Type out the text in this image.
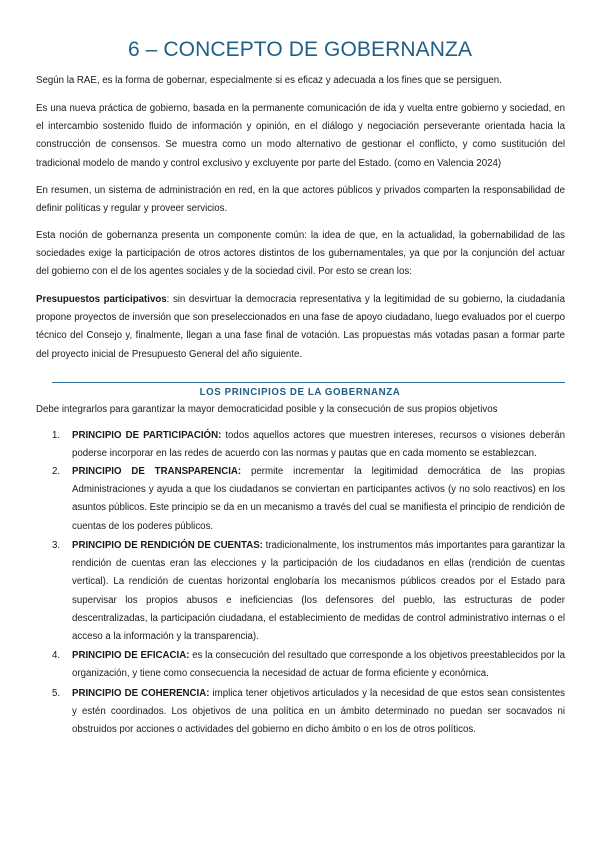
6 – CONCEPTO DE GOBERNANZA

Según la RAE, es la forma de gobernar, especialmente si es eficaz y adecuada a los fines que se persiguen.

Es una nueva práctica de gobierno, basada en la permanente comunicación de ida y vuelta entre gobierno y sociedad, en el intercambio sostenido fluido de información y opinión, en el diálogo y negociación perseverante orientada hacia la construcción de consensos. Se muestra como un modo alternativo de gestionar el conflicto, y como sustitución del tradicional modelo de mando y control exclusivo y excluyente por parte del Estado. (como en Valencia 2024)

En resumen, un sistema de administración en red, en la que actores públicos y privados comparten la responsabilidad de definir políticas y regular y proveer servicios.

Esta noción de gobernanza presenta un componente común: la idea de que, en la actualidad, la gobernabilidad de las sociedades exige la participación de otros actores distintos de los gubernamentales, ya que por la conjunción del actuar del gobierno con el de los agentes sociales y de la sociedad civil. Por esto se crean los:

Presupuestos participativos: sin desvirtuar la democracia representativa y la legitimidad de su gobierno, la ciudadanía propone proyectos de inversión que son preseleccionados en una fase de apoyo ciudadano, luego evaluados por el cuerpo técnico del Consejo y, finalmente, llegan a una fase final de votación. Las propuestas más votadas pasan a formar parte del proyecto inicial de Presupuesto General del año siguiente.

LOS PRINCIPIOS DE LA GOBERNANZA

Debe integrarlos para garantizar la mayor democraticidad posible y la consecución de sus propios objetivos

1.	PRINCIPIO DE PARTICIPACIÓN: todos aquellos actores que muestren intereses, recursos o visiones deberán poderse incorporar en las redes de acuerdo con las normas y pautas que en cada momento se establezcan.

2.	PRINCIPIO DE TRANSPARENCIA: permite incrementar la legitimidad democrática de las propias Administraciones y ayuda a que los ciudadanos se conviertan en participantes activos (y no solo reactivos) en los asuntos públicos. Este principio se da en un mecanismo a través del cual se manifiesta el principio de rendición de cuentas de los poderes públicos.

3.	PRINCIPIO DE RENDICIÓN DE CUENTAS: tradicionalmente, los instrumentos más importantes para garantizar la rendición de cuentas eran las elecciones y la participación de los ciudadanos en ellas (rendición de cuentas vertical). La rendición de cuentas horizontal englobaría los mecanismos públicos creados por el Estado para supervisar los propios abusos e ineficiencias (los defensores del pueblo, las estructuras de poder descentralizadas, la participación ciudadana, el establecimiento de medidas de control administrativo internas o el acceso a la información y la transparencia).

4.	PRINCIPIO DE EFICACIA: es la consecución del resultado que corresponde a los objetivos preestablecidos por la organización, y tiene como consecuencia la necesidad de actuar de forma eficiente y económica.

5.	PRINCIPIO DE COHERENCIA: implica tener objetivos articulados y la necesidad de que estos sean consistentes y estén coordinados. Los objetivos de una política en un ámbito determinado no puedan ser socavados ni obstruidos por acciones o actividades del gobierno en dicho ámbito o en los de otros políticos.
